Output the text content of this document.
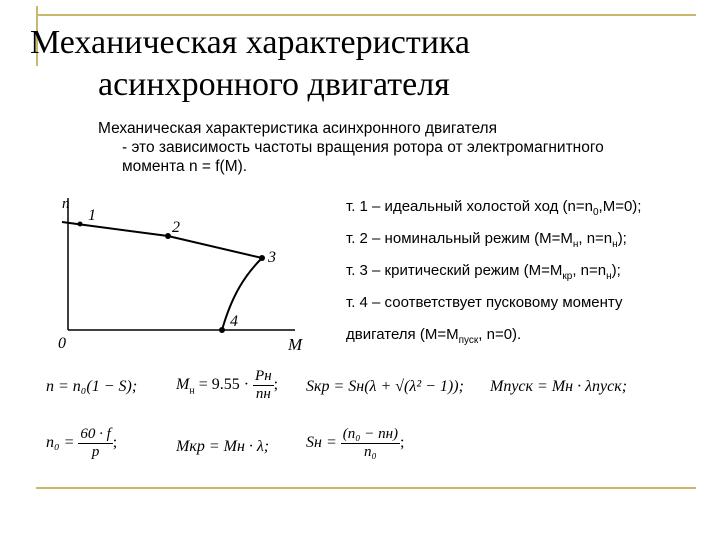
Механическая характеристика
асинхронного двигателя
Механическая характеристика асинхронного двигателя
- это зависимость частоты вращения ротора от электромагнитного момента n = f(M).
n
M
0
1
2
3
4
т. 1 – идеальный холостой ход $(n=n_0,M=0)$;
т. 2 – номинальный режим ($M=M_н$, $n=n_н$);
т. 3 – критический режим ($M=M_{кр}$, $n=n_н$);
т. 4 – соответствует пусковому моменту
двигателя ($M=M_{пуск}$, n=0).
n = n₀(1 − S); $M_н = 9.55 \cdot \frac{Pн}{nн}$ ; Sкр = Sн(λ + √(λ² − 1)); Mпуск = Mн · λпуск;
$n_0 = \frac{60 \cdot f}{p}$ ;	Mкр = Mн · λ; Sн = $\frac{\text{(n₀ − nн)}}{\text{n₀}}$ ;
